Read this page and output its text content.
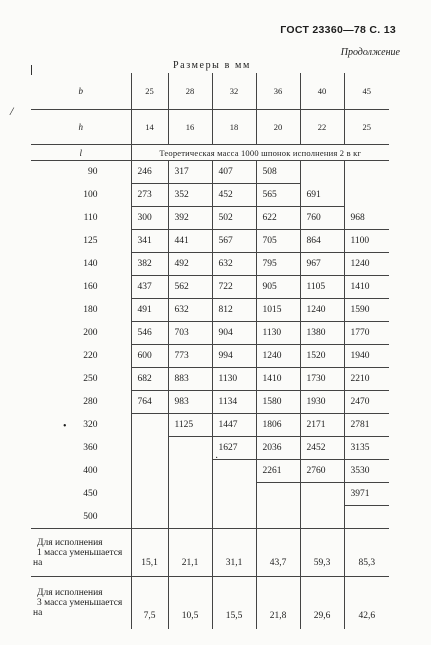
ГОСТ 23360—78 С. 13
Продолжение
Размеры в мм
/
b	25	28	32	36	40	45
h	14	16	18	20	22	25
l	Теоретическая масса 1000 шпонок исполнения 2 в кг					
90	246	317	407	508		
100	273	352	452	565	691	
110	300	392	502	622	760	968
125	341	441	567	705	864	1100
140	382	492	632	795	967	1240
160	437	562	722	905	1105	1410
180	491	632	812	1015	1240	1590
200	546	703	904	1130	1380	1770
220	600	773	994	1240	1520	1940
250	682	883	1130	1410	1730	2210
280	764	983	1134	1580	1930	2470
320		1125	1447	1806	2171	2781
360			1627	2036	2452	3135
400				2261	2760	3530
450						3971
500						

Для исполнения
1 масса уменьшается
на	15,1	21,1	31,1	43,7	59,3	85,3

Для исполнения
3 масса уменьшается
на	7,5	10,5	15,5	21,8	29,6	42,6
•
·
